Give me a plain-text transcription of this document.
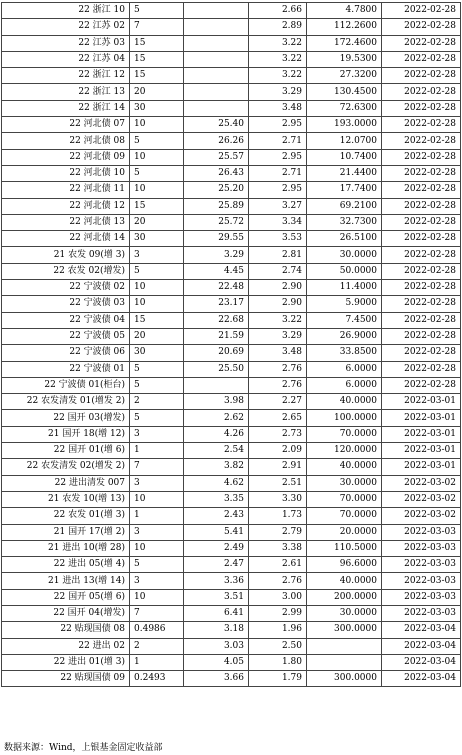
22 浙江 10	5		2.66	4.7800	2022-02-28
22 江苏 02	7		2.89	112.2600	2022-02-28
22 江苏 03	15		3.22	172.4600	2022-02-28
22 江苏 04	15		3.22	19.5300	2022-02-28
22 浙江 12	15		3.22	27.3200	2022-02-28
22 浙江 13	20		3.29	130.4500	2022-02-28
22 浙江 14	30		3.48	72.6300	2022-02-28
22 河北债 07	10	25.40	2.95	193.0000	2022-02-28
22 河北债 08	5	26.26	2.71	12.0700	2022-02-28
22 河北债 09	10	25.57	2.95	10.7400	2022-02-28
22 河北债 10	5	26.43	2.71	21.4400	2022-02-28
22 河北债 11	10	25.20	2.95	17.7400	2022-02-28
22 河北债 12	15	25.89	3.27	69.2100	2022-02-28
22 河北债 13	20	25.72	3.34	32.7300	2022-02-28
22 河北债 14	30	29.55	3.53	26.5100	2022-02-28
21 农发 09(增 3)	3	3.29	2.81	30.0000	2022-02-28
22 农发 02(增发)	5	4.45	2.74	50.0000	2022-02-28
22 宁波债 02	10	22.48	2.90	11.4000	2022-02-28
22 宁波债 03	10	23.17	2.90	5.9000	2022-02-28
22 宁波债 04	15	22.68	3.22	7.4500	2022-02-28
22 宁波债 05	20	21.59	3.29	26.9000	2022-02-28
22 宁波债 06	30	20.69	3.48	33.8500	2022-02-28
22 宁波债 01	5	25.50	2.76	6.0000	2022-02-28
22 宁波债 01(柜台)	5		2.76	6.0000	2022-02-28
22 农发清发 01(增发 2)	2	3.98	2.27	40.0000	2022-03-01
22 国开 03(增发)	5	2.62	2.65	100.0000	2022-03-01
21 国开 18(增 12)	3	4.26	2.73	70.0000	2022-03-01
22 国开 01(增 6)	1	2.54	2.09	120.0000	2022-03-01
22 农发清发 02(增发 2)	7	3.82	2.91	40.0000	2022-03-01
22 进出清发 007	3	4.62	2.51	30.0000	2022-03-02
21 农发 10(增 13)	10	3.35	3.30	70.0000	2022-03-02
22 农发 01(增 3)	1	2.43	1.73	70.0000	2022-03-02
21 国开 17(增 2)	3	5.41	2.79	20.0000	2022-03-03
21 进出 10(增 28)	10	2.49	3.38	110.5000	2022-03-03
22 进出 05(增 4)	5	2.47	2.61	96.6000	2022-03-03
21 进出 13(增 14)	3	3.36	2.76	40.0000	2022-03-03
22 国开 05(增 6)	10	3.51	3.00	200.0000	2022-03-03
22 国开 04(增发)	7	6.41	2.99	30.0000	2022-03-03
22 贴现国债 08	0.4986	3.18	1.96	300.0000	2022-03-04
22 进出 02	2	3.03	2.50		2022-03-04
22 进出 01(增 3)	1	4.05	1.80		2022-03-04
22 贴现国债 09	0.2493	3.66	1.79	300.0000	2022-03-04
数据来源：Wind，上银基金固定收益部
